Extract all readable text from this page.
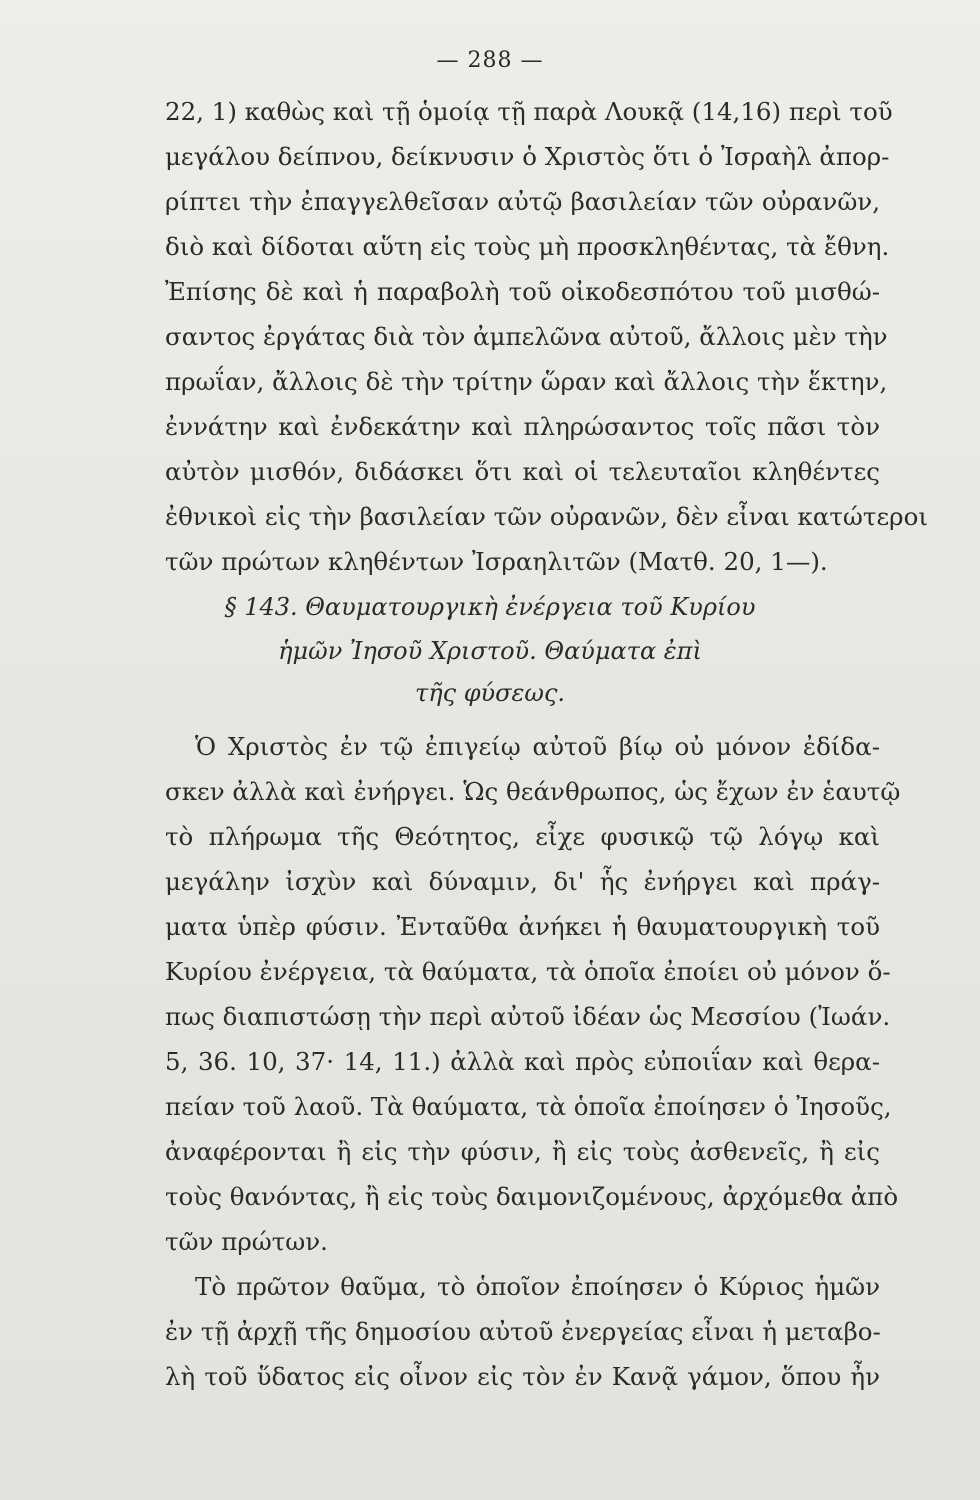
— 288 —
22, 1) καθὼς καὶ τῇ ὁμοίᾳ τῇ παρὰ Λουκᾷ (14,16) περὶ τοῦ
μεγάλου δείπνου, δείκνυσιν ὁ Χριστὸς ὅτι ὁ Ἰσραὴλ ἀπορ-
ρίπτει τὴν ἐπαγγελθεῖσαν αὐτῷ βασιλείαν τῶν οὐρανῶν,
διὸ καὶ δίδοται αὕτη εἰς τοὺς μὴ προσκληθέντας, τὰ ἔθνη.
Ἐπίσης δὲ καὶ ἡ παραβολὴ τοῦ οἰκοδεσπότου τοῦ μισθώ-
σαντος ἐργάτας διὰ τὸν ἀμπελῶνα αὐτοῦ, ἄλλοις μὲν τὴν
πρωΐαν, ἄλλοις δὲ τὴν τρίτην ὥραν καὶ ἄλλοις τὴν ἕκτην,
ἐννάτην καὶ ἐνδεκάτην καὶ πληρώσαντος τοῖς πᾶσι τὸν
αὐτὸν μισθόν, διδάσκει ὅτι καὶ οἱ τελευταῖοι κληθέντες
ἐθνικοὶ εἰς τὴν βασιλείαν τῶν οὐρανῶν, δὲν εἶναι κατώτεροι
τῶν πρώτων κληθέντων Ἰσραηλιτῶν (Ματθ. 20, 1—).
§ 143. Θαυματουργικὴ ἐνέργεια τοῦ Κυρίου
ἡμῶν Ἰησοῦ Χριστοῦ. Θαύματα ἐπὶ
τῆς φύσεως.
Ὁ Χριστὸς ἐν τῷ ἐπιγείῳ αὐτοῦ βίῳ οὐ μόνον ἐδίδα-
σκεν ἀλλὰ καὶ ἐνήργει. Ὡς θεάνθρωπος, ὡς ἔχων ἐν ἑαυτῷ
τὸ πλήρωμα τῆς Θεότητος, εἶχε φυσικῷ τῷ λόγῳ καὶ
μεγάλην ἰσχὺν καὶ δύναμιν, δι' ἧς ἐνήργει καὶ πράγ-
ματα ὑπὲρ φύσιν. Ἐνταῦθα ἀνήκει ἡ θαυματουργικὴ τοῦ
Κυρίου ἐνέργεια, τὰ θαύματα, τὰ ὁποῖα ἐποίει οὐ μόνον ὅ-
πως διαπιστώσῃ τὴν περὶ αὐτοῦ ἰδέαν ὡς Μεσσίου (Ἰωάν.
5, 36. 10, 37· 14, 11.) ἀλλὰ καὶ πρὸς εὐποιΐαν καὶ θερα-
πείαν τοῦ λαοῦ. Τὰ θαύματα, τὰ ὁποῖα ἐποίησεν ὁ Ἰησοῦς,
ἀναφέρονται ἢ εἰς τὴν φύσιν, ἢ εἰς τοὺς ἀσθενεῖς, ἢ εἰς
τοὺς θανόντας, ἢ εἰς τοὺς δαιμονιζομένους, ἀρχόμεθα ἀπὸ
τῶν πρώτων.
Τὸ πρῶτον θαῦμα, τὸ ὁποῖον ἐποίησεν ὁ Κύριος ἡμῶν
ἐν τῇ ἀρχῇ τῆς δημοσίου αὐτοῦ ἐνεργείας εἶναι ἡ μεταβο-
λὴ τοῦ ὕδατος εἰς οἶνον εἰς τὸν ἐν Κανᾷ γάμον, ὅπου ἦν
